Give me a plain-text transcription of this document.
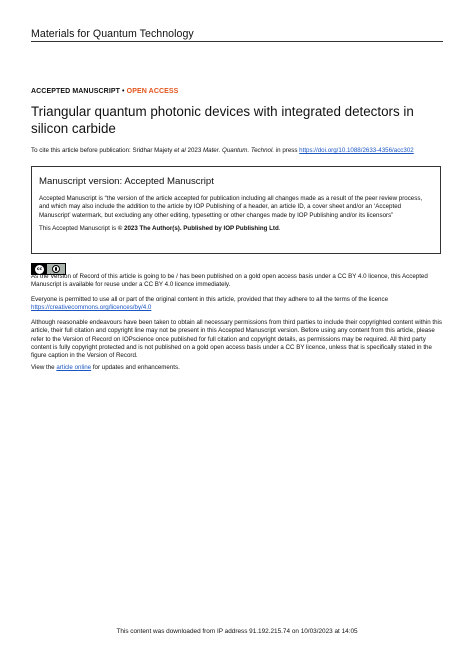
Materials for Quantum Technology
ACCEPTED MANUSCRIPT • OPEN ACCESS
Triangular quantum photonic devices with integrated detectors in silicon carbide
To cite this article before publication: Sridhar Majety et al 2023 Mater. Quantum. Technol. in press https://doi.org/10.1088/2633-4356/acc302
Manuscript version: Accepted Manuscript
Accepted Manuscript is “the version of the article accepted for publication including all changes made as a result of the peer review process, and which may also include the addition to the article by IOP Publishing of a header, an article ID, a cover sheet and/or an ‘Accepted Manuscript’ watermark, but excluding any other editing, typesetting or other changes made by IOP Publishing and/or its licensors”
This Accepted Manuscript is © 2023 The Author(s). Published by IOP Publishing Ltd.
cc
As the Version of Record of this article is going to be / has been published on a gold open access basis under a CC BY 4.0 licence, this Accepted Manuscript is available for reuse under a CC BY 4.0 licence immediately.
Everyone is permitted to use all or part of the original content in this article, provided that they adhere to all the terms of the licence
https://creativecommons.org/licences/by/4.0
Although reasonable endeavours have been taken to obtain all necessary permissions from third parties to include their copyrighted content within this article, their full citation and copyright line may not be present in this Accepted Manuscript version. Before using any content from this article, please refer to the Version of Record on IOPscience once published for full citation and copyright details, as permissions may be required. All third party content is fully copyright protected and is not published on a gold open access basis under a CC BY licence, unless that is specifically stated in the figure caption in the Version of Record.
View the article online for updates and enhancements.
This content was downloaded from IP address 91.192.215.74 on 10/03/2023 at 14:05
